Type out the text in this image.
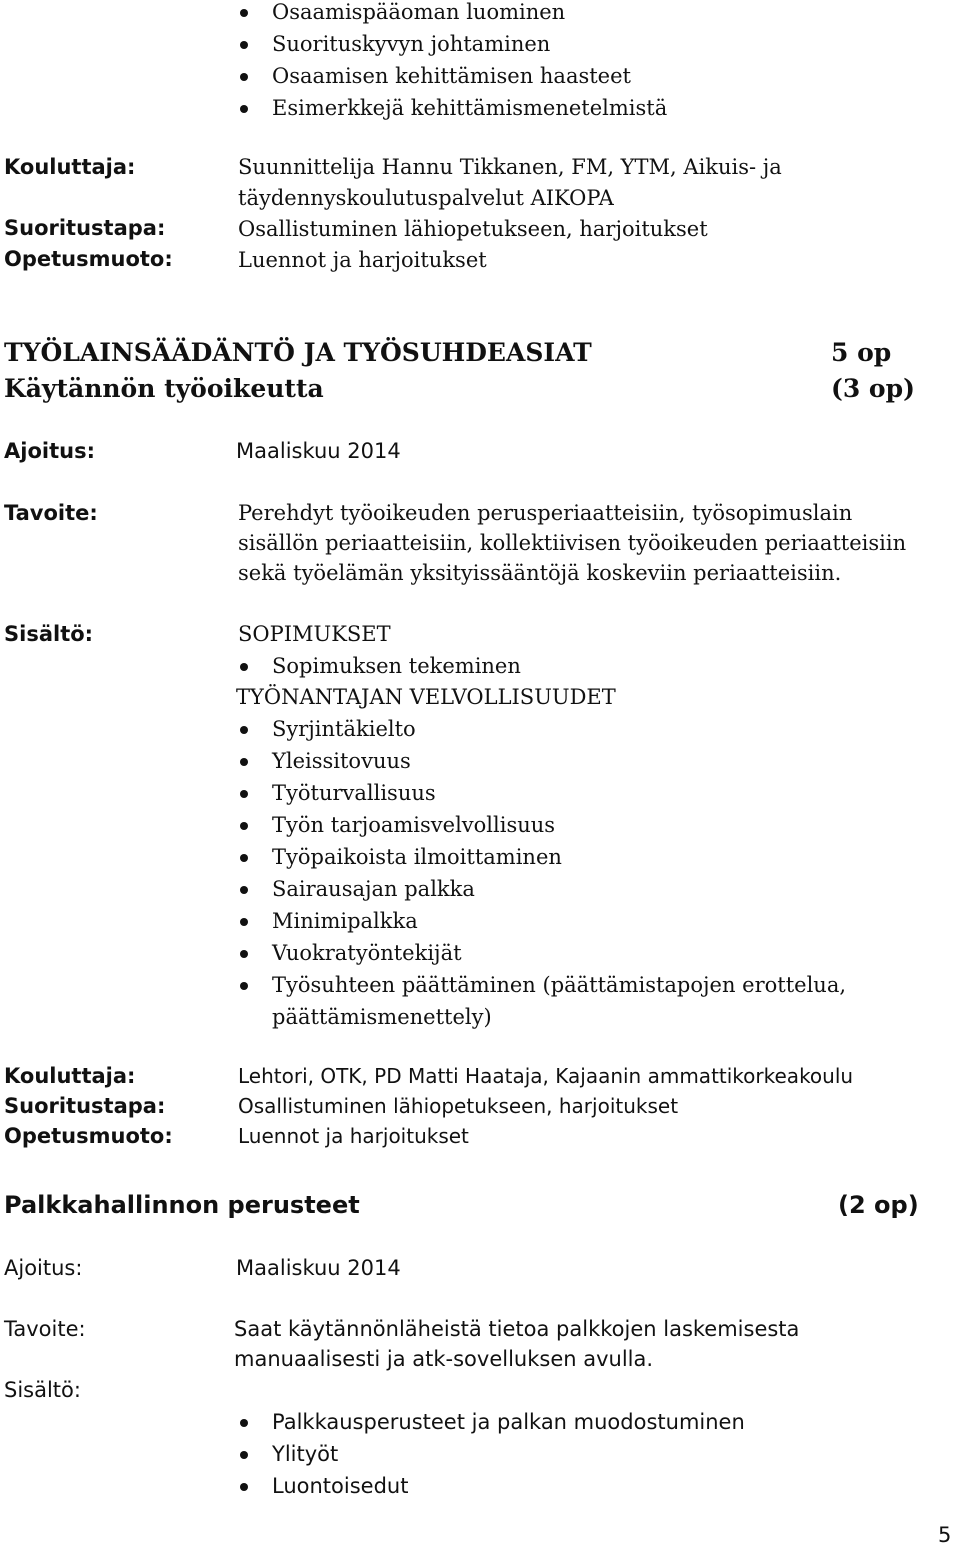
Osaamispääoman luominen
Suorituskyvyn johtaminen
Osaamisen kehittämisen haasteet
Esimerkkejä kehittämismenetelmistä
Kouluttaja:	Suunnittelija Hannu Tikkanen, FM, YTM, Aikuis- ja
täydennyskoulutuspalvelut AIKOPA
Suoritustapa:	Osallistuminen lähiopetukseen, harjoitukset
Opetusmuoto:	Luennot ja harjoitukset
TYÖLAINSÄÄDÄNTÖ JA TYÖSUHDEASIAT	5 op
Käytännön työoikeutta	(3 op)
Ajoitus:	Maaliskuu 2014
Tavoite:	Perehdyt työoikeuden perusperiaatteisiin, työsopimuslain
sisällön periaatteisiin, kollektiivisen työoikeuden periaatteisiin
sekä työelämän yksityissääntöjä koskeviin periaatteisiin.
Sisältö:	SOPIMUKSET
Sopimuksen tekeminen
TYÖNANTAJAN VELVOLLISUUDET
Syrjintäkielto
Yleissitovuus
Työturvallisuus
Työn tarjoamisvelvollisuus
Työpaikoista ilmoittaminen
Sairausajan palkka
Minimipalkka
Vuokratyöntekijät
Työsuhteen päättäminen (päättämistapojen erottelua,
päättämismenettely)
Kouluttaja:	Lehtori, OTK, PD Matti Haataja, Kajaanin ammattikorkeakoulu
Suoritustapa:	Osallistuminen lähiopetukseen, harjoitukset
Opetusmuoto:	Luennot ja harjoitukset
Palkkahallinnon perusteet	(2 op)
Ajoitus:	Maaliskuu 2014
Tavoite:	Saat käytännönläheistä tietoa palkkojen laskemisesta
manuaalisesti ja atk-sovelluksen avulla.
Sisältö:
Palkkausperusteet ja palkan muodostuminen
Ylityöt
Luontoisedut
5
